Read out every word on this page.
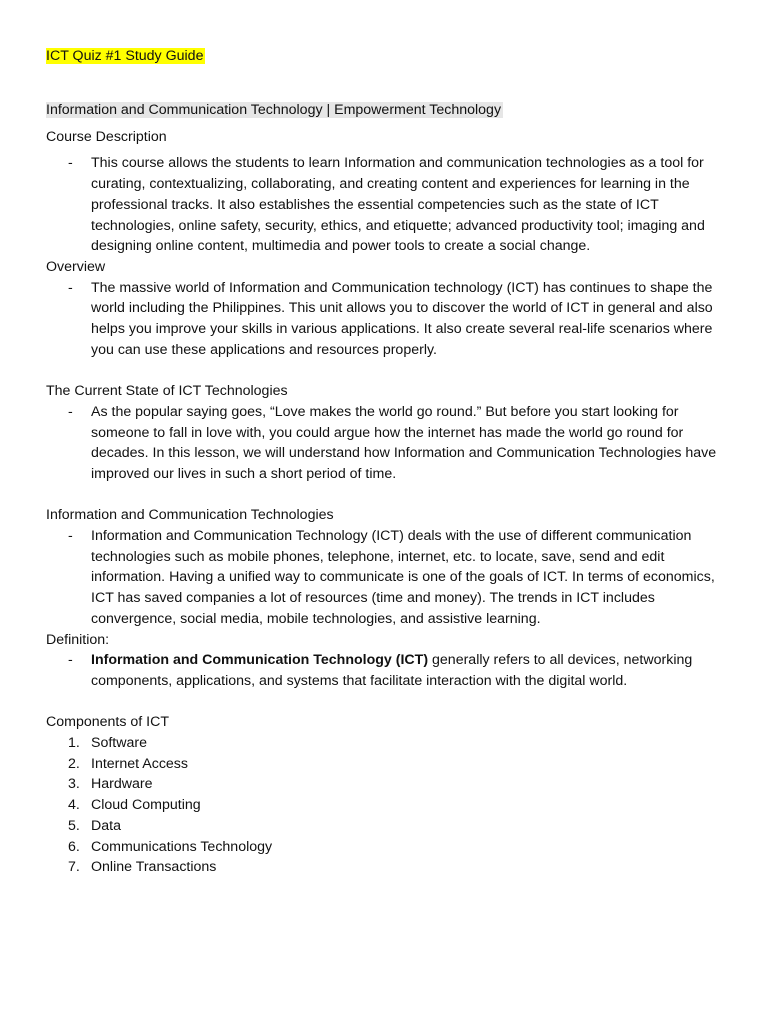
ICT Quiz #1 Study Guide

Information and Communication Technology | Empowerment Technology

Course Description

-	This course allows the students to learn Information and communication technologies as a tool for curating, contextualizing, collaborating, and creating content and experiences for learning in the professional tracks. It also establishes the essential competencies such as the state of ICT technologies, online safety, security, ethics, and etiquette; advanced productivity tool; imaging and designing online content, multimedia and power tools to create a social change.

Overview

-	The massive world of Information and Communication technology (ICT) has continues to shape the world including the Philippines. This unit allows you to discover the world of ICT in general and also helps you improve your skills in various applications. It also create several real-life scenarios where you can use these applications and resources properly.

The Current State of ICT Technologies

-	As the popular saying goes, “Love makes the world go round.” But before you start looking for someone to fall in love with, you could argue how the internet has made the world go round for decades. In this lesson, we will understand how Information and Communication Technologies have improved our lives in such a short period of time.

Information and Communication Technologies

-	Information and Communication Technology (ICT) deals with the use of different communication technologies such as mobile phones, telephone, internet, etc. to locate, save, send and edit information. Having a unified way to communicate is one of the goals of ICT. In terms of economics, ICT has saved companies a lot of resources (time and money). The trends in ICT includes convergence, social media, mobile technologies, and assistive learning.

Definition:

-	Information and Communication Technology (ICT) generally refers to all devices, networking components, applications, and systems that facilitate interaction with the digital world.

Components of ICT

1. Software
2. Internet Access
3. Hardware
4. Cloud Computing
5. Data
6. Communications Technology
7. Online Transactions
